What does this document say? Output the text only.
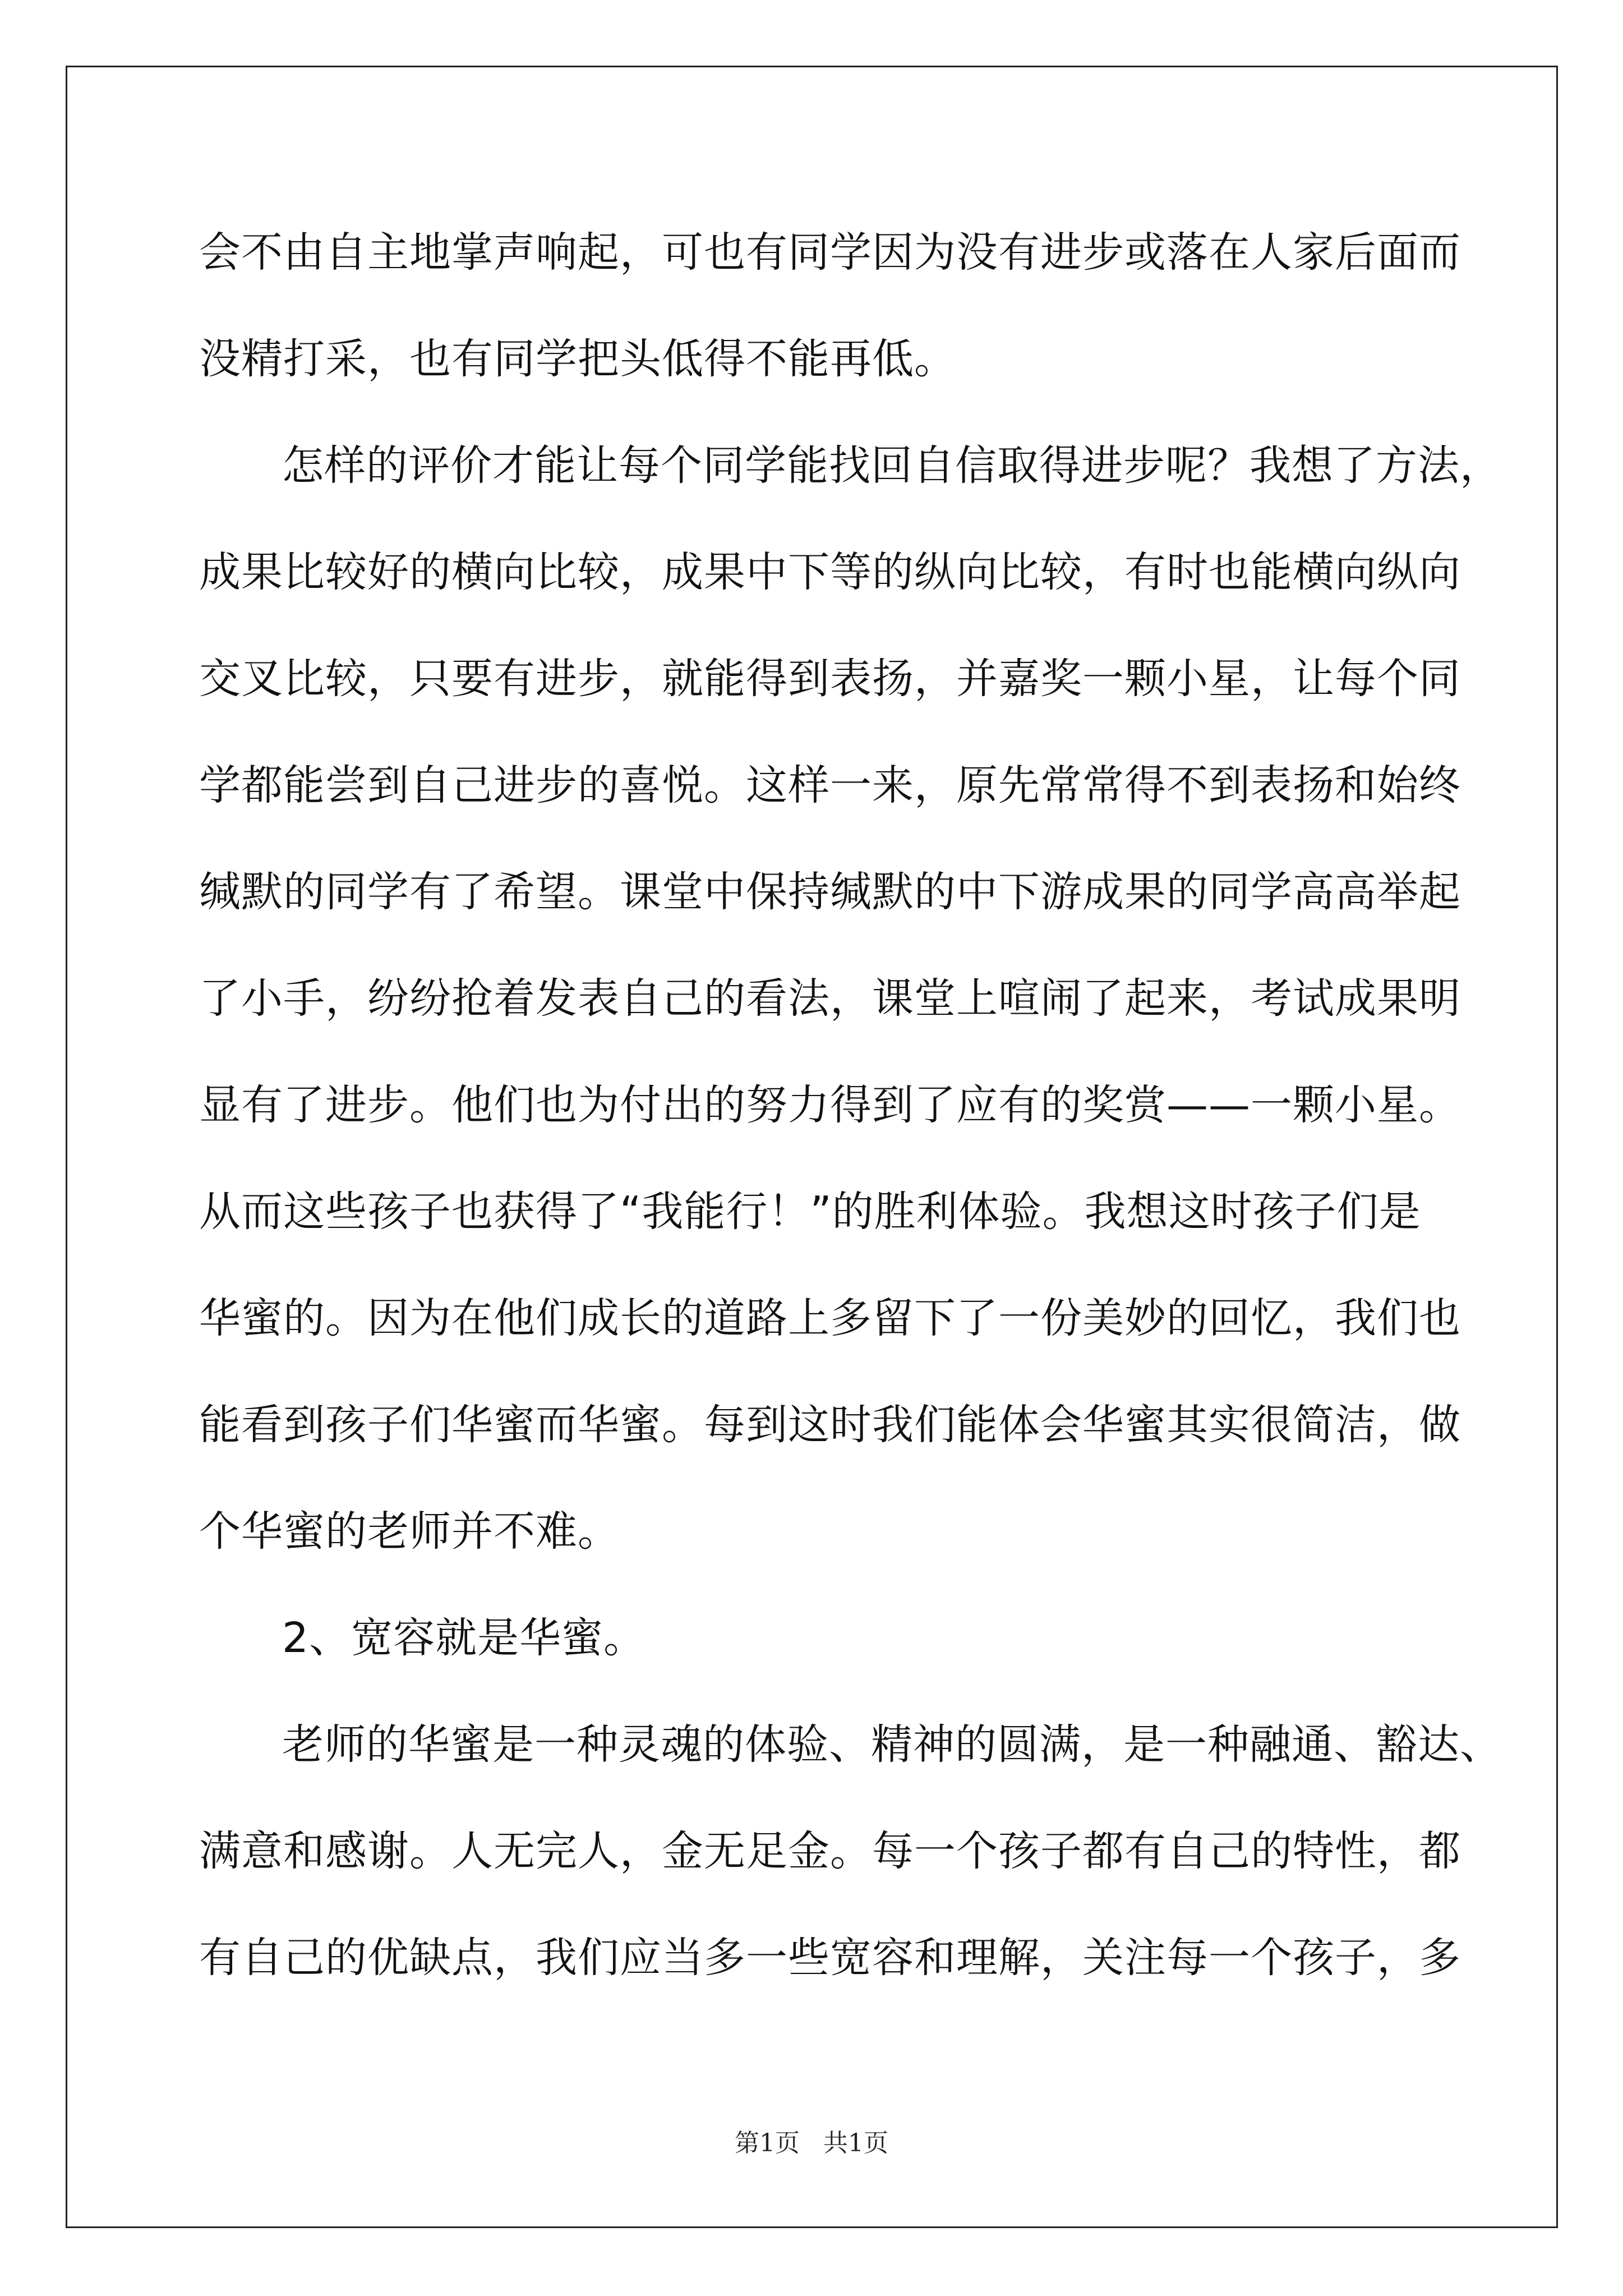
会不由自主地掌声响起，可也有同学因为没有进步或落在人家后面而
没精打采，也有同学把头低得不能再低。
怎样的评价才能让每个同学能找回自信取得进步呢？我想了方法，
成果比较好的横向比较，成果中下等的纵向比较，有时也能横向纵向
交叉比较，只要有进步，就能得到表扬，并嘉奖一颗小星，让每个同
学都能尝到自己进步的喜悦。这样一来，原先常常得不到表扬和始终
缄默的同学有了希望。课堂中保持缄默的中下游成果的同学高高举起
了小手，纷纷抢着发表自己的看法，课堂上喧闹了起来，考试成果明
显有了进步。他们也为付出的努力得到了应有的奖赏——一颗小星。
从而这些孩子也获得了“我能行！”的胜利体验。我想这时孩子们是
华蜜的。因为在他们成长的道路上多留下了一份美妙的回忆，我们也
能看到孩子们华蜜而华蜜。每到这时我们能体会华蜜其实很简洁，做
个华蜜的老师并不难。
2、宽容就是华蜜。
老师的华蜜是一种灵魂的体验、精神的圆满，是一种融通、豁达、
满意和感谢。人无完人，金无足金。每一个孩子都有自己的特性，都
有自己的优缺点，我们应当多一些宽容和理解，关注每一个孩子，多
第1页   共1页
